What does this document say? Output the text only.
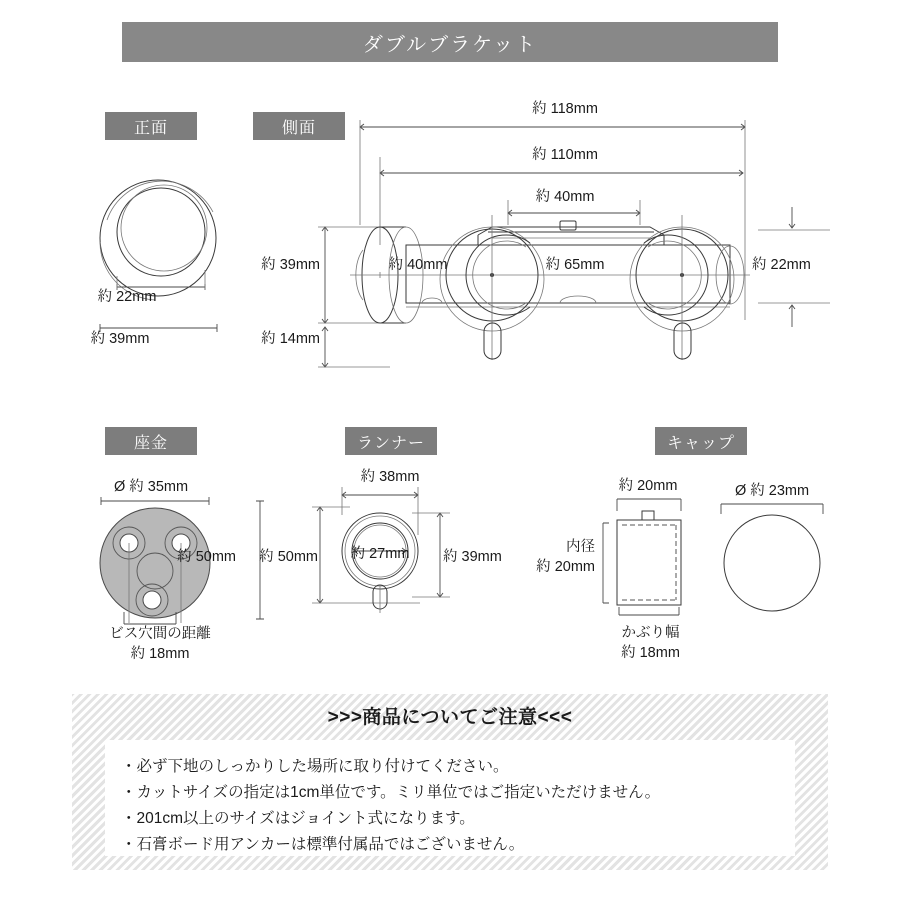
ダブルブラケット
正面
約 22mm
約 39mm
側面
約 118mm
約 110mm
約 40mm
約 39mm
約 14mm
約 40mm	約 65mm	約 22mm
座金
Ø 約 35mm
ビス穴間の距離
約 18mm
約 50mm
ランナー
約 38mm
約 50mm	約 27mm	約 39mm
キャップ
約 20mm
内径
約 20mm
かぶり幅
約 18mm
Ø 約 23mm
>>>商品についてご注意<<<
・必ず下地のしっかりした場所に取り付けてください。
・カットサイズの指定は1cm単位です。ミリ単位ではご指定いただけません。
・201cm以上のサイズはジョイント式になります。
・石膏ボード用アンカーは標準付属品ではございません。
